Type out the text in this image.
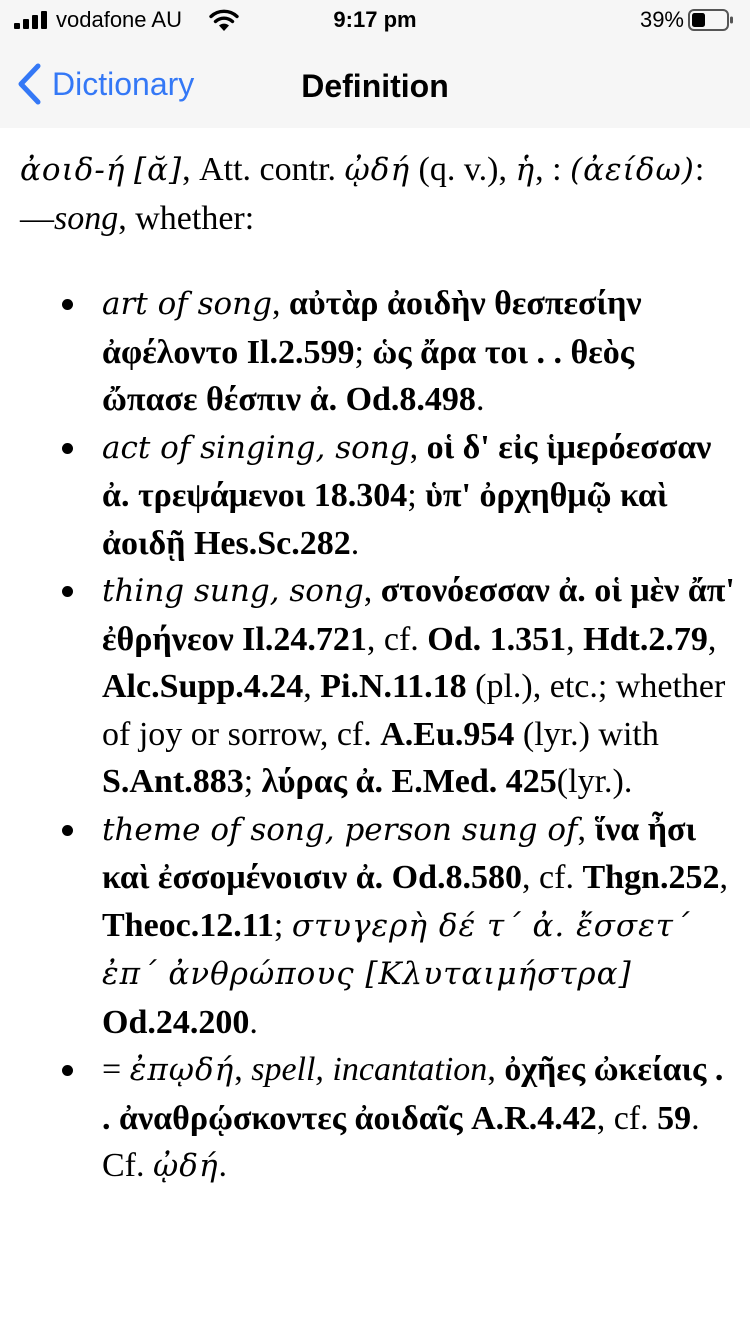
vodafone AU	9:17 pm	39%
Dictionary	Definition

ἀοιδ-ή [ᾰ], Att. contr. ᾠδή (q. v.), ἡ, : (ἀείδω):—song, whether:

art of song, αὐτὰρ ἀοιδὴν θεσπεσίην ἀφέλοντο Il.2.599; ὡς ἄρα τοι . . θεὸς ὤπασε θέσπιν ἀ. Od.8.498.
act of singing, song, οἱ δ' εἰς ἱμερόεσσαν ἀ. τρεψάμενοι 18.304; ὑπ' ὀρχηθμῷ καὶ ἀοιδῇ Hes.Sc.282.
thing sung, song, στονόεσσαν ἀ. οἱ μὲν ἄπ' ἐθρήνεον Il.24.721, cf. Od. 1.351, Hdt.2.79, Alc.Supp.4.24, Pi.N.11.18 (pl.), etc.; whether of joy or sorrow, cf. A.Eu.954 (lyr.) with S.Ant.883; λύρας ἀ. E.Med. 425(lyr.).
theme of song, person sung of, ἵνα ἦσι καὶ ἐσσομένοισιν ἀ. Od.8.580, cf. Thgn.252, Theoc.12.11; στυγερὴ δέ τ΄ ἀ. ἔσσετ΄ ἐπ΄ ἀνθρώπους [Κλυταιμήστρα] Od.24.200.
= ἐπῳδή, spell, incantation, ὀχῆες ὠκείαις . . ἀναθρῴσκοντες ἀοιδαῖς A.R.4.42, cf. 59. Cf. ᾠδή.
